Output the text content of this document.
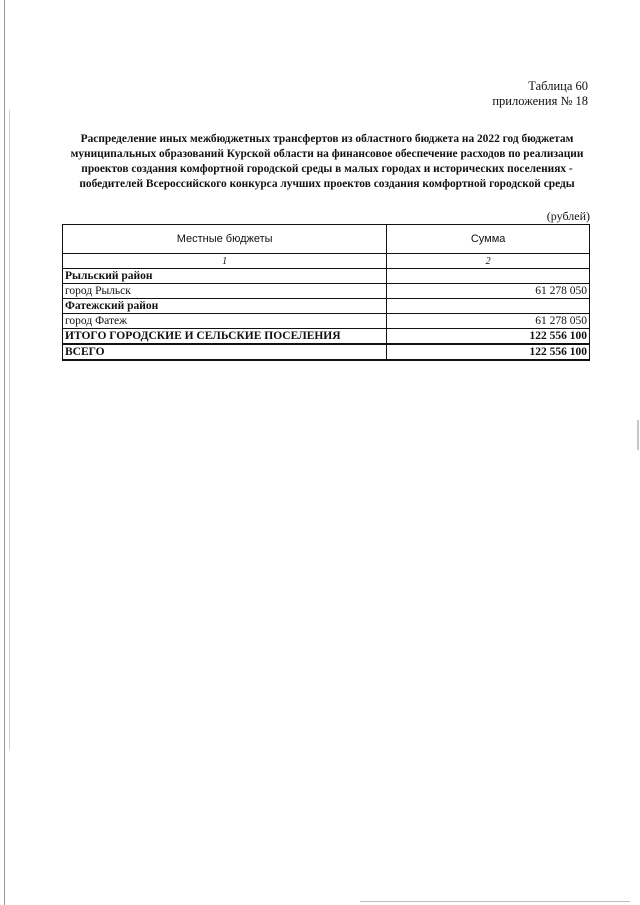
Таблица 60
приложения № 18
Распределение иных межбюджетных трансфертов из областного бюджета на 2022 год бюджетам муниципальных образований Курской области на финансовое обеспечение расходов по реализации проектов создания комфортной городской среды в малых городах и исторических поселениях - победителей Всероссийского конкурса лучших проектов создания комфортной городской среды
(рублей)
Местные бюджеты	Сумма
1	2
Рыльский район	
город Рыльск	61 278 050
Фатежский район	
город Фатеж	61 278 050
ИТОГО ГОРОДСКИЕ И СЕЛЬСКИЕ ПОСЕЛЕНИЯ	122 556 100
ВСЕГО	122 556 100
